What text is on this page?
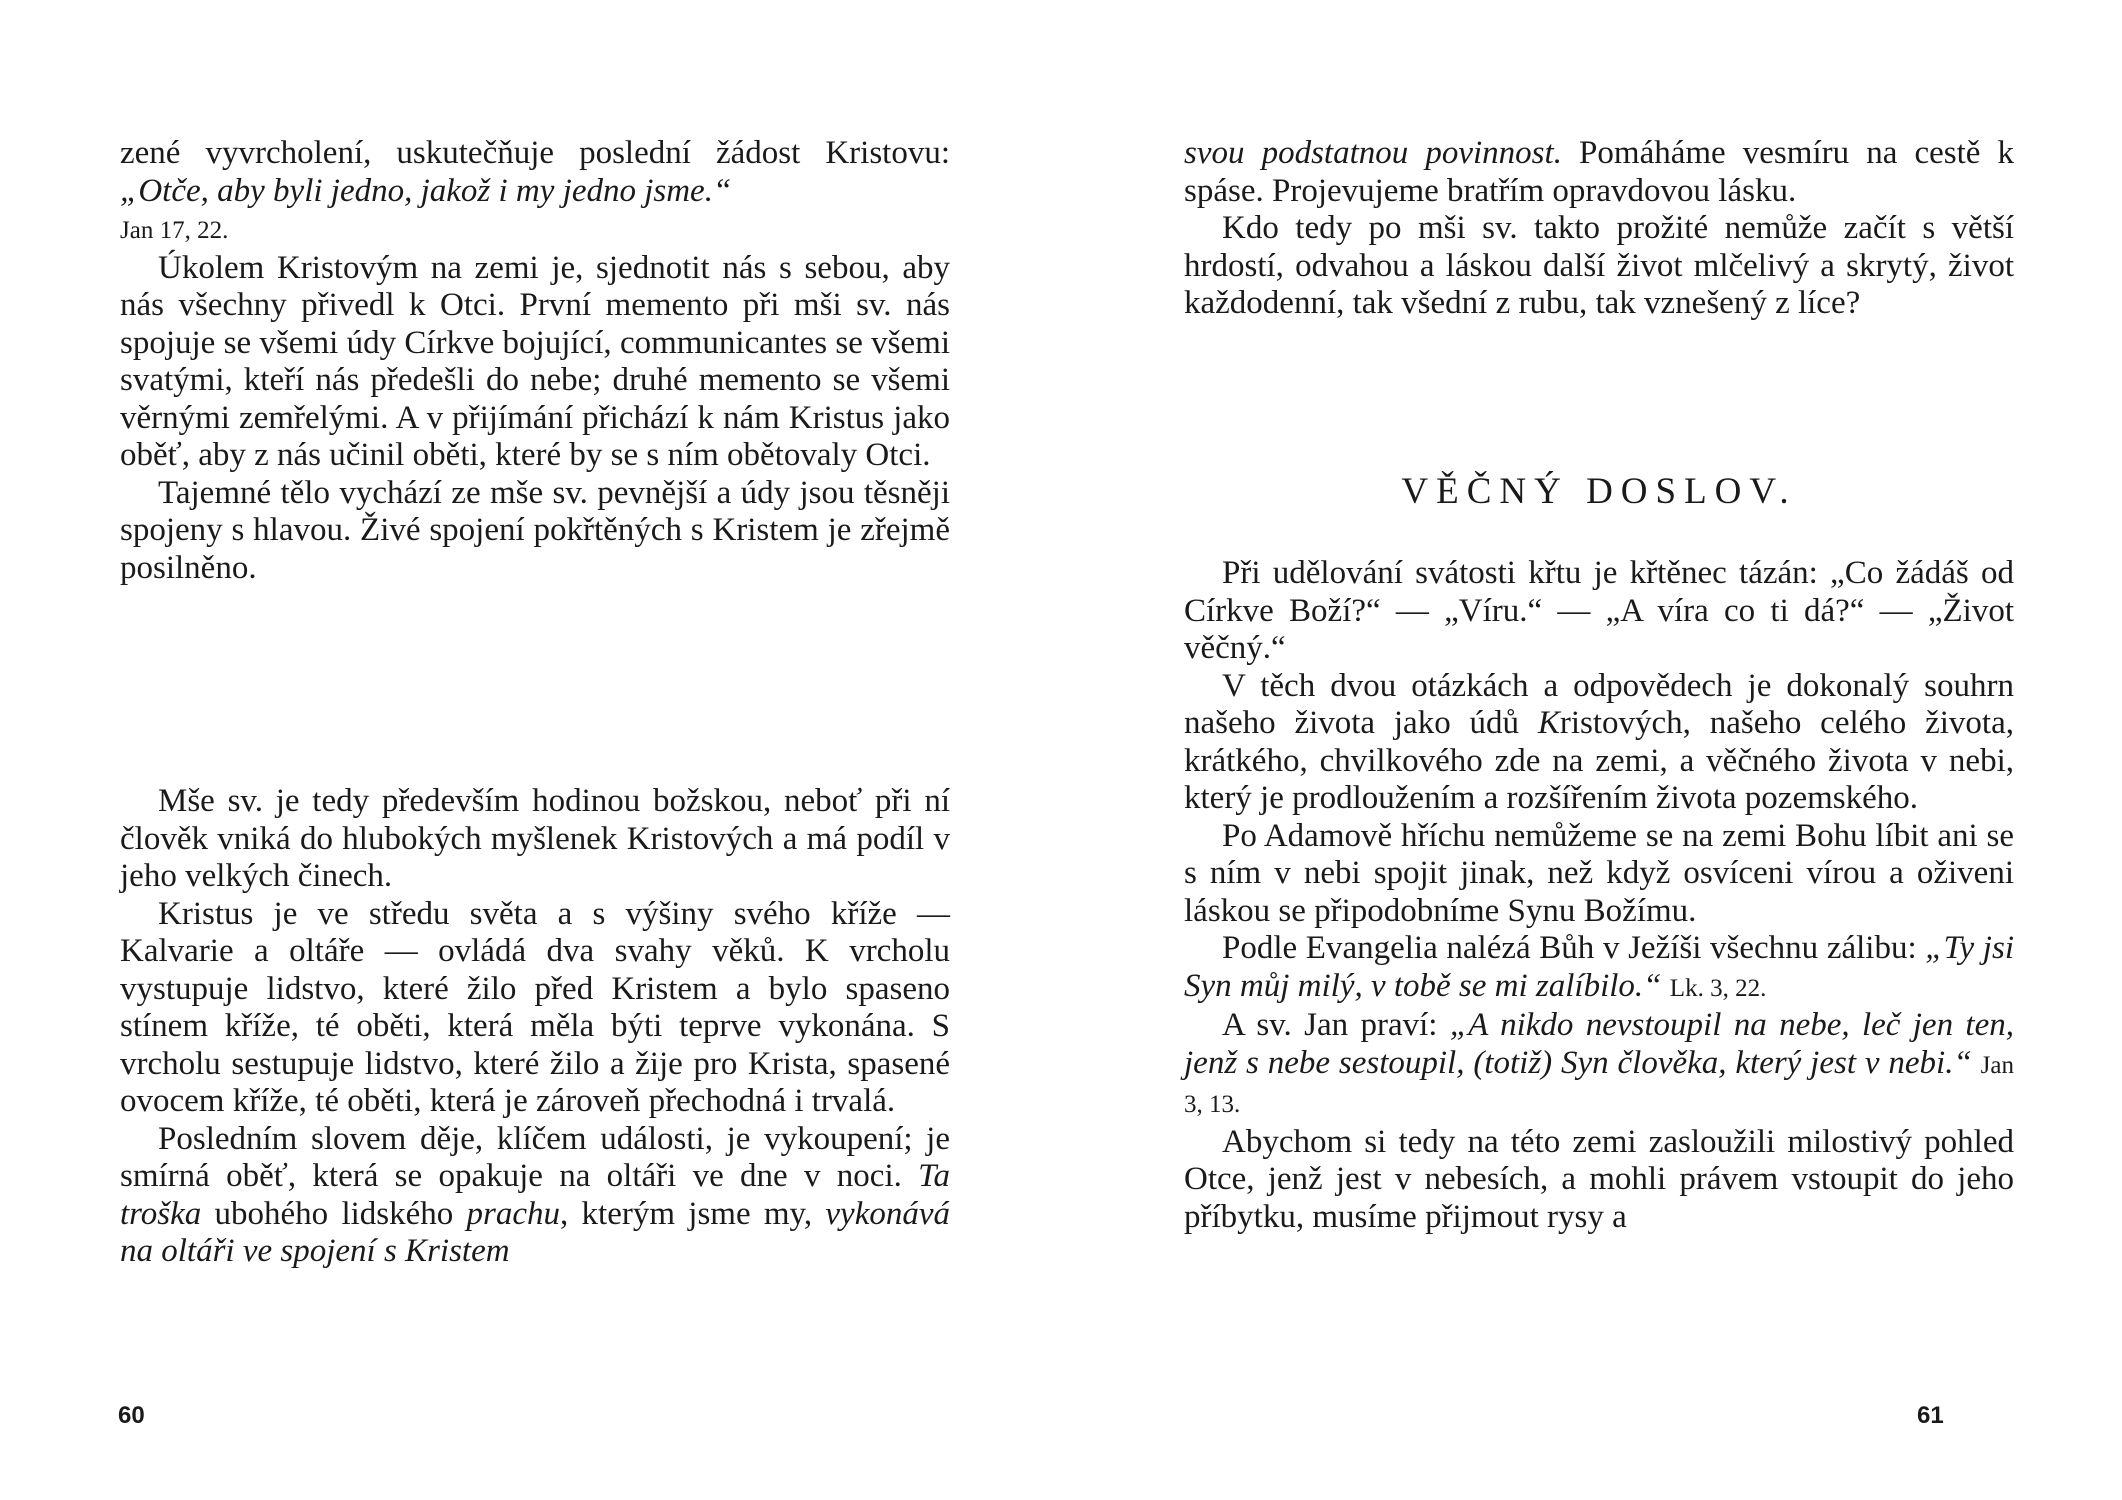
zené vyvrcholení, uskutečňuje poslední žádost Kristovu: „Otče, aby byli jedno, jakož i my jedno jsme.“
Jan 17, 22.

Úkolem Kristovým na zemi je, sjednotit nás s sebou, aby nás všechny přivedl k Otci. První memento při mši sv. nás spojuje se všemi údy Církve bojující, communicantes se všemi svatými, kteří nás předešli do nebe; druhé memento se všemi věrnými zemřelými. A v přijímání přichází k nám Kristus jako oběť, aby z nás učinil oběti, které by se s ním obětovaly Otci.

Tajemné tělo vychází ze mše sv. pevnější a údy jsou těsněji spojeny s hlavou. Živé spojení pokřtěných s Kristem je zřejmě posilněno.

Mše sv. je tedy především hodinou božskou, neboť při ní člověk vniká do hlubokých myšlenek Kristových a má podíl v jeho velkých činech.

Kristus je ve středu světa a s výšiny svého kříže — Kalvarie a oltáře — ovládá dva svahy věků. K vrcholu vystupuje lidstvo, které žilo před Kristem a bylo spaseno stínem kříže, té oběti, která měla býti teprve vykonána. S vrcholu sestupuje lidstvo, které žilo a žije pro Krista, spasené ovocem kříže, té oběti, která je zároveň přechodná i trvalá.

Posledním slovem děje, klíčem události, je vykoupení; je smírná oběť, která se opakuje na oltáři ve dne v noci. Ta troška ubohého lidského prachu, kterým jsme my, vykonává na oltáři ve spojení s Kristem

60

svou podstatnou povinnost. Pomáháme vesmíru na cestě k spáse. Projevujeme bratřím opravdovou lásku.

Kdo tedy po mši sv. takto prožité nemůže začít s větší hrdostí, odvahou a láskou další život mlčelivý a skrytý, život každodenní, tak všední z rubu, tak vznešený z líce?

VĚČNÝ DOSLOV.

Při udělování svátosti křtu je křtěnec tázán: „Co žádáš od Církve Boží?“ — „Víru.“ — „A víra co ti dá?“ — „Život věčný.“

V těch dvou otázkách a odpovědech je dokonalý souhrn našeho života jako údů Kristových, našeho celého života, krátkého, chvilkového zde na zemi, a věčného života v nebi, který je prodloužením a rozšířením života pozemského.

Po Adamově hříchu nemůžeme se na zemi Bohu líbit ani se s ním v nebi spojit jinak, než když osvíceni vírou a oživeni láskou se připodobníme Synu Božímu.

Podle Evangelia nalézá Bůh v Ježíši všechnu zálibu: „Ty jsi Syn můj milý, v tobě se mi zalíbilo.“ Lk. 3, 22.

A sv. Jan praví: „A nikdo nevstoupil na nebe, leč jen ten, jenž s nebe sestoupil, (totiž) Syn člověka, který jest v nebi.“ Jan 3, 13.

Abychom si tedy na této zemi zasloužili milostivý pohled Otce, jenž jest v nebesích, a mohli právem vstoupit do jeho příbytku, musíme přijmout rysy a

61
